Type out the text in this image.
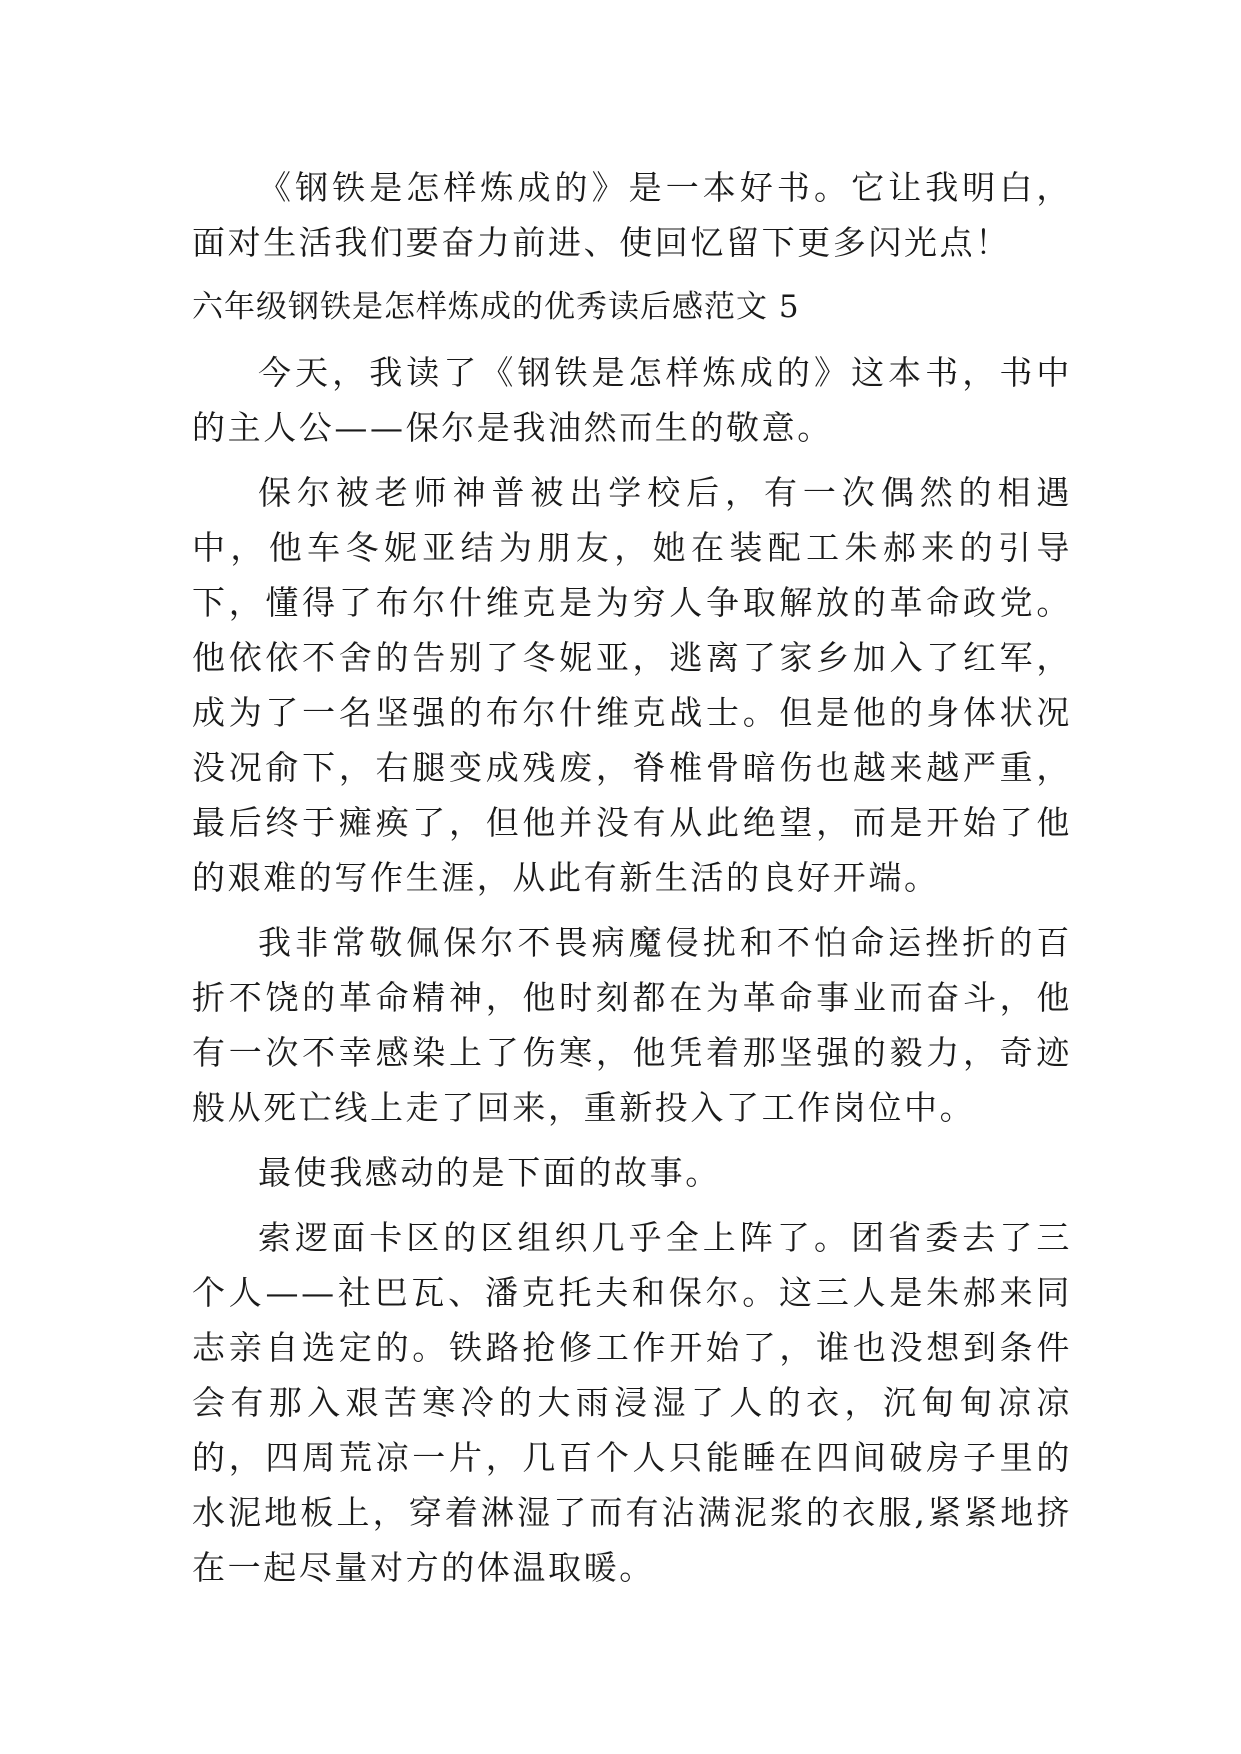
《钢铁是怎样炼成的》是一本好书。它让我明白，面对生活我们要奋力前进、使回忆留下更多闪光点！

六年级钢铁是怎样炼成的优秀读后感范文 5

今天，我读了《钢铁是怎样炼成的》这本书，书中的主人公——保尔是我油然而生的敬意。

保尔被老师神普被出学校后，有一次偶然的相遇中，他车冬妮亚结为朋友，她在装配工朱郝来的引导下，懂得了布尔什维克是为穷人争取解放的革命政党。他依依不舍的告别了冬妮亚，逃离了家乡加入了红军，成为了一名坚强的布尔什维克战士。但是他的身体状况没况俞下，右腿变成残废，脊椎骨暗伤也越来越严重，最后终于瘫痪了，但他并没有从此绝望，而是开始了他的艰难的写作生涯，从此有新生活的良好开端。

我非常敬佩保尔不畏病魔侵扰和不怕命运挫折的百折不饶的革命精神，他时刻都在为革命事业而奋斗，他有一次不幸感染上了伤寒，他凭着那坚强的毅力，奇迹般从死亡线上走了回来，重新投入了工作岗位中。

最使我感动的是下面的故事。

索逻面卡区的区组织几乎全上阵了。团省委去了三个人——社巴瓦、潘克托夫和保尔。这三人是朱郝来同志亲自选定的。铁路抢修工作开始了，谁也没想到条件会有那入艰苦寒冷的大雨浸湿了人的衣，沉甸甸凉凉的，四周荒凉一片，几百个人只能睡在四间破房子里的水泥地板上，穿着淋湿了而有沾满泥浆的衣服,紧紧地挤在一起尽量对方的体温取暖。
